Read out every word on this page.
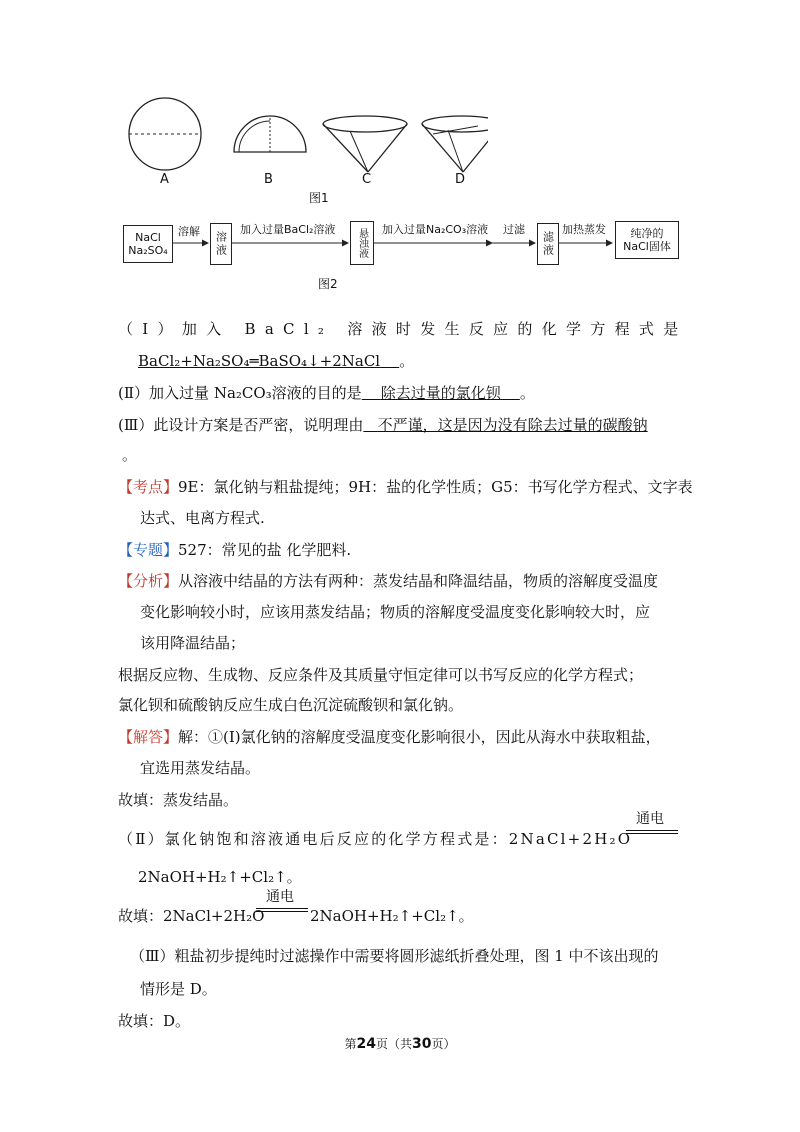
A	B	C	D
图1
NaCl
Na₂SO₄
溶解	溶液
加入过量BaCl₂溶液	悬浊液	加入过量Na₂CO₃溶液 过滤
滤液
加热蒸发	纯净的
NaCl固体
图2
（Ⅰ）加入 BaCl₂ 溶液时发生反应的化学方程式是
BaCl₂+Na₂SO₄═BaSO₄↓+2NaCl 。
(Ⅱ）加入过量 Na₂CO₃溶液的目的是 除去过量的氯化钡 。
(Ⅲ）此设计方案是否严密，说明理由 不严谨，这是因为没有除去过量的碳酸钠
。
【考点】9E：氯化钠与粗盐提纯；9H：盐的化学性质；G5：书写化学方程式、文字表
达式、电离方程式.
【专题】527：常见的盐 化学肥料.
【分析】从溶液中结晶的方法有两种：蒸发结晶和降温结晶，物质的溶解度受温度
变化影响较小时，应该用蒸发结晶；物质的溶解度受温度变化影响较大时，应
该用降温结晶；
根据反应物、生成物、反应条件及其质量守恒定律可以书写反应的化学方程式；
氯化钡和硫酸钠反应生成白色沉淀硫酸钡和氯化钠。
【解答】解：①(Ⅰ)氯化钠的溶解度受温度变化影响很小，因此从海水中获取粗盐，
宜选用蒸发结晶。
故填：蒸发结晶。
（Ⅱ）氯化钠饱和溶液通电后反应的化学方程式是：2NaCl+2H₂O
通电
2NaOH+H₂↑+Cl₂↑。
故填：2NaCl+2H₂O
通电
2NaOH+H₂↑+Cl₂↑。
（Ⅲ）粗盐初步提纯时过滤操作中需要将圆形滤纸折叠处理，图 1 中不该出现的
情形是 D。
故填：D。
第24页（共30页）
